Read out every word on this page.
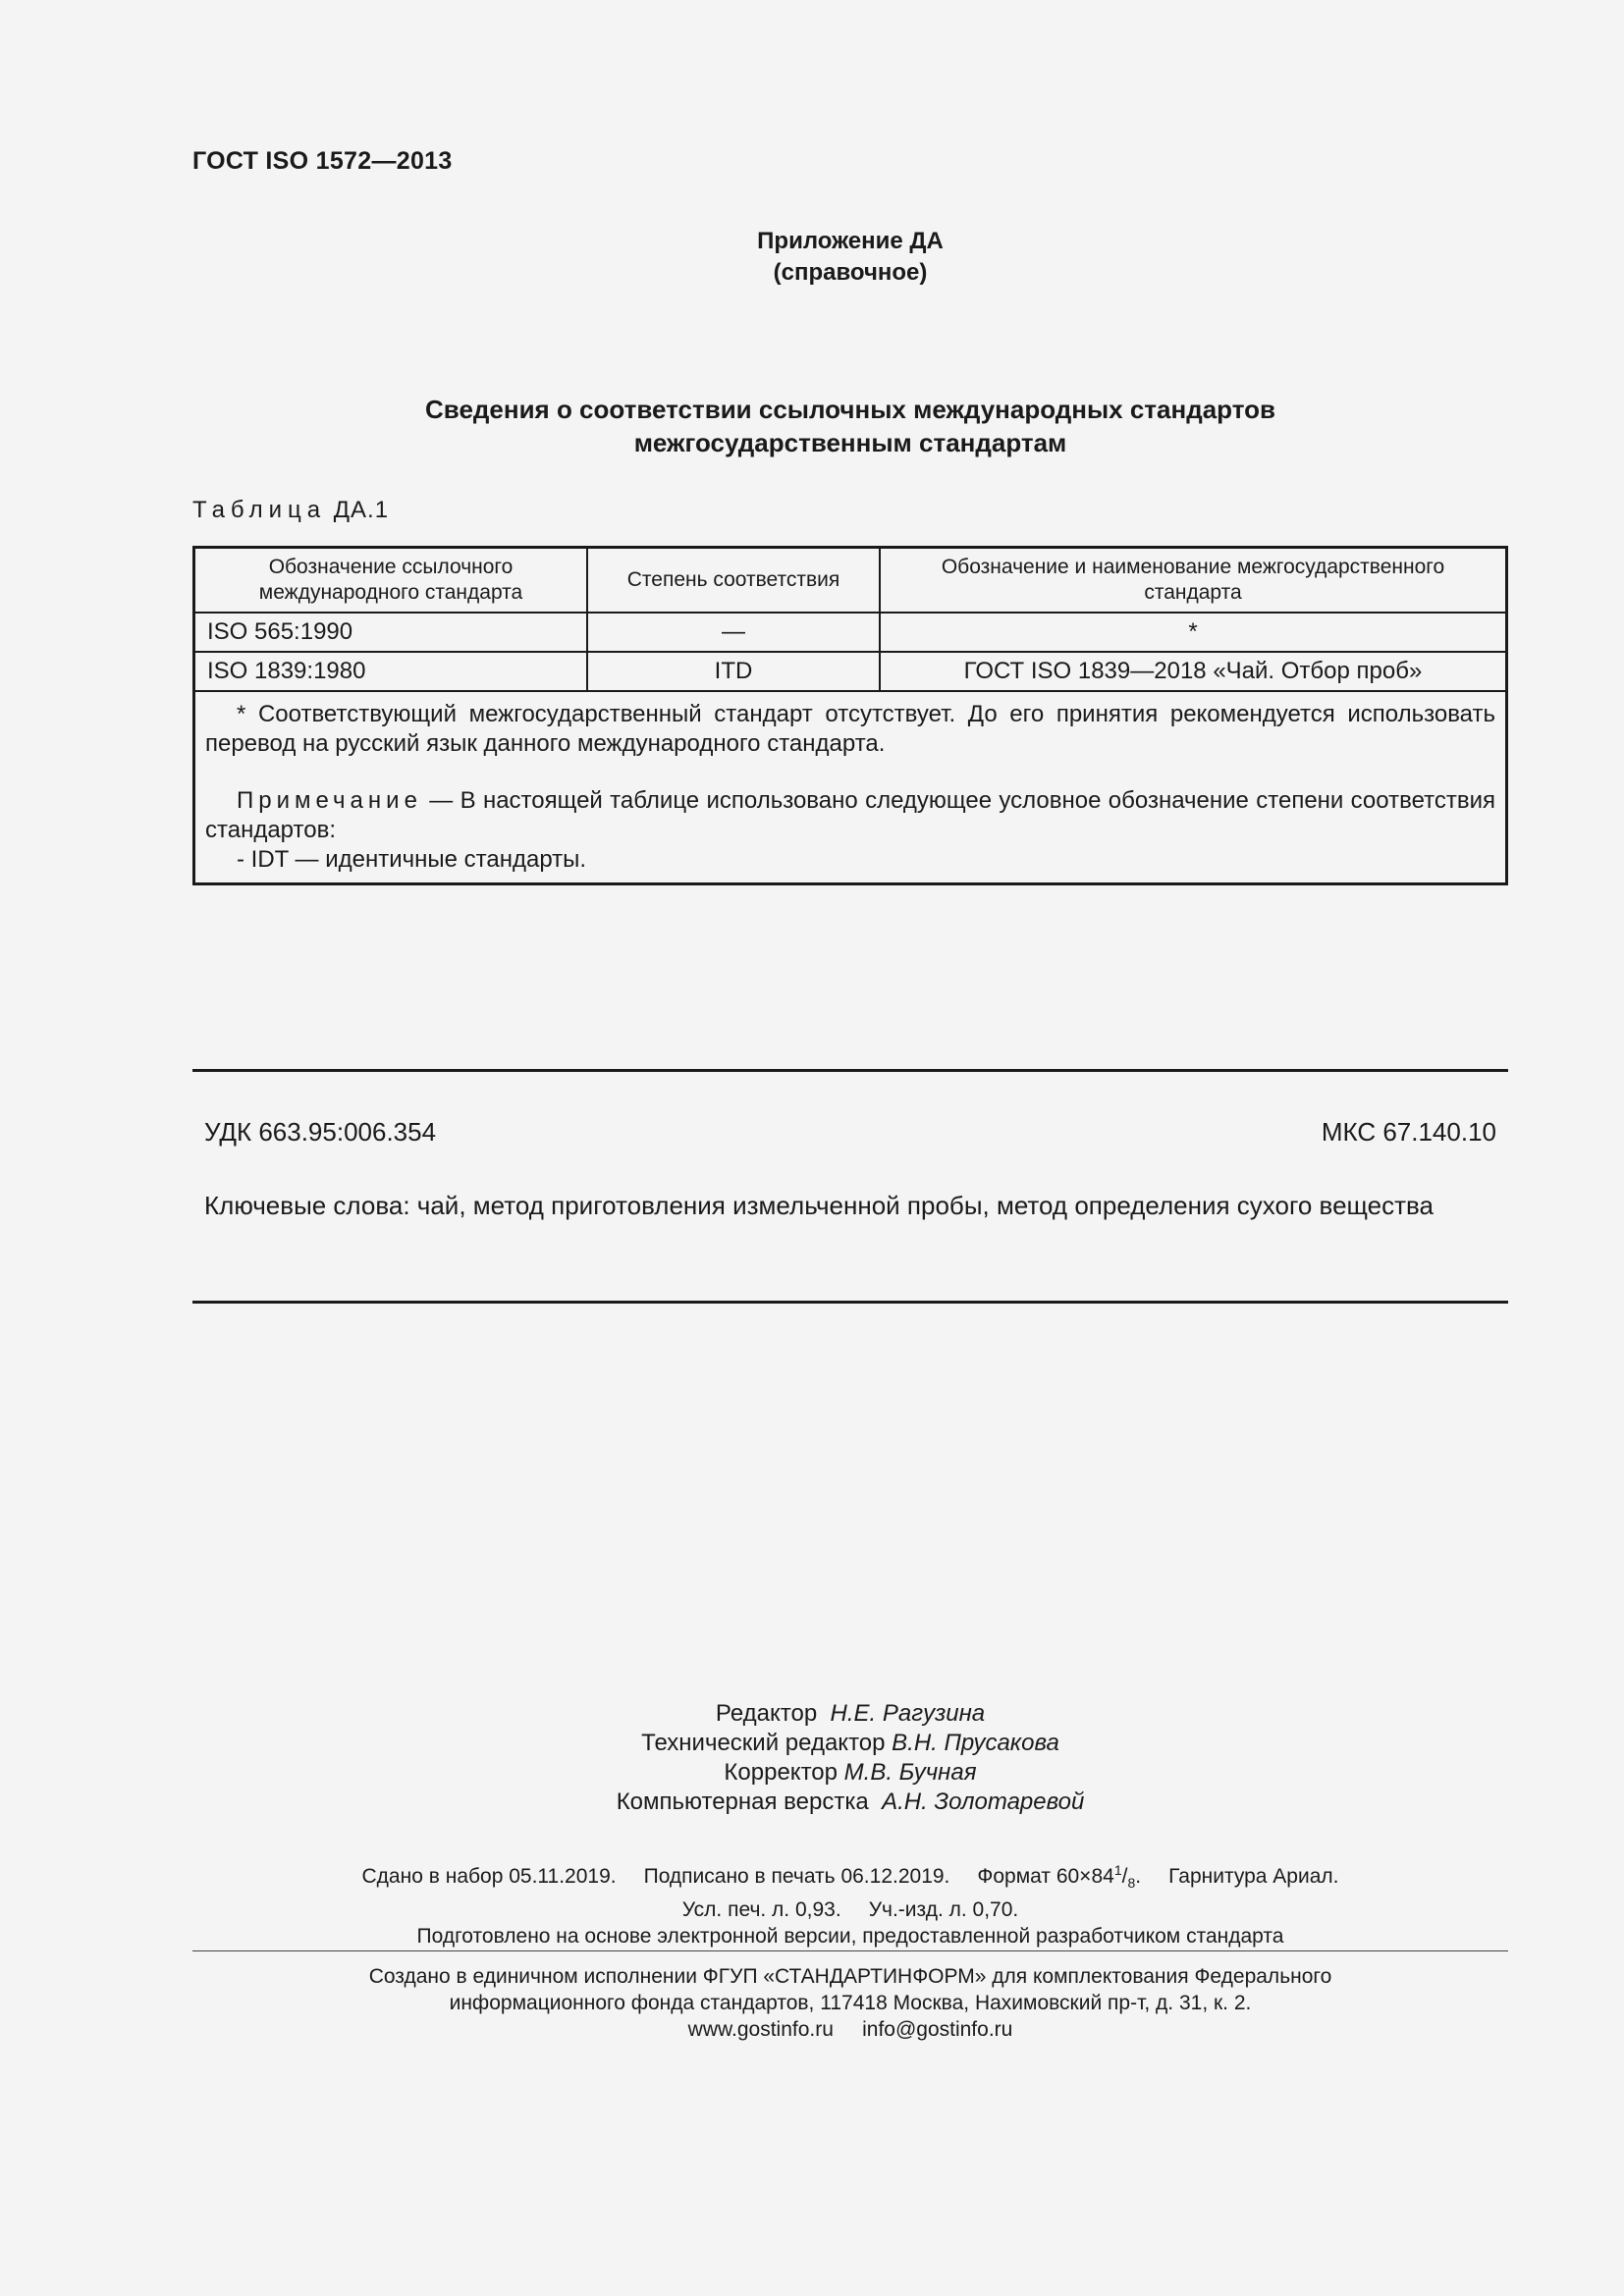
ГОСТ ISO 1572—2013
Приложение ДА
(справочное)
Сведения о соответствии ссылочных международных стандартов
межгосударственным стандартам
Таблица ДА.1
Обозначение ссылочного международного стандарта	Степень соответствия	Обозначение и наименование межгосударственного стандарта
ISO 565:1990	—	*
ISO 1839:1980	ITD	ГОСТ ISO 1839—2018 «Чай. Отбор проб»

* Соответствующий межгосударственный стандарт отсутствует. До его принятия рекомендуется использовать перевод на русский язык данного международного стандарта.
Примечание — В настоящей таблице использовано следующее условное обозначение степени соответствия стандартов:
- IDT — идентичные стандарты.		
УДК 663.95:006.354	МКС 67.140.10
Ключевые слова: чай, метод приготовления измельченной пробы, метод определения сухого вещества
Редактор Н.Е. Рагузина
Технический редактор В.Н. Прусакова
Корректор М.В. Бучная
Компьютерная верстка А.Н. Золотаревой
Сдано в набор 05.11.2019. Подписано в печать 06.12.2019. Формат $60\times 84^1/_8$. Гарнитура Ариал.
Усл. печ. л. 0,93. Уч.-изд. л. 0,70.
Подготовлено на основе электронной версии, предоставленной разработчиком стандарта
Создано в единичном исполнении ФГУП «СТАНДАРТИНФОРМ» для комплектования Федерального
информационного фонда стандартов, 117418 Москва, Нахимовский пр-т, д. 31, к. 2.
www.gostinfo.ru info@gostinfo.ru
